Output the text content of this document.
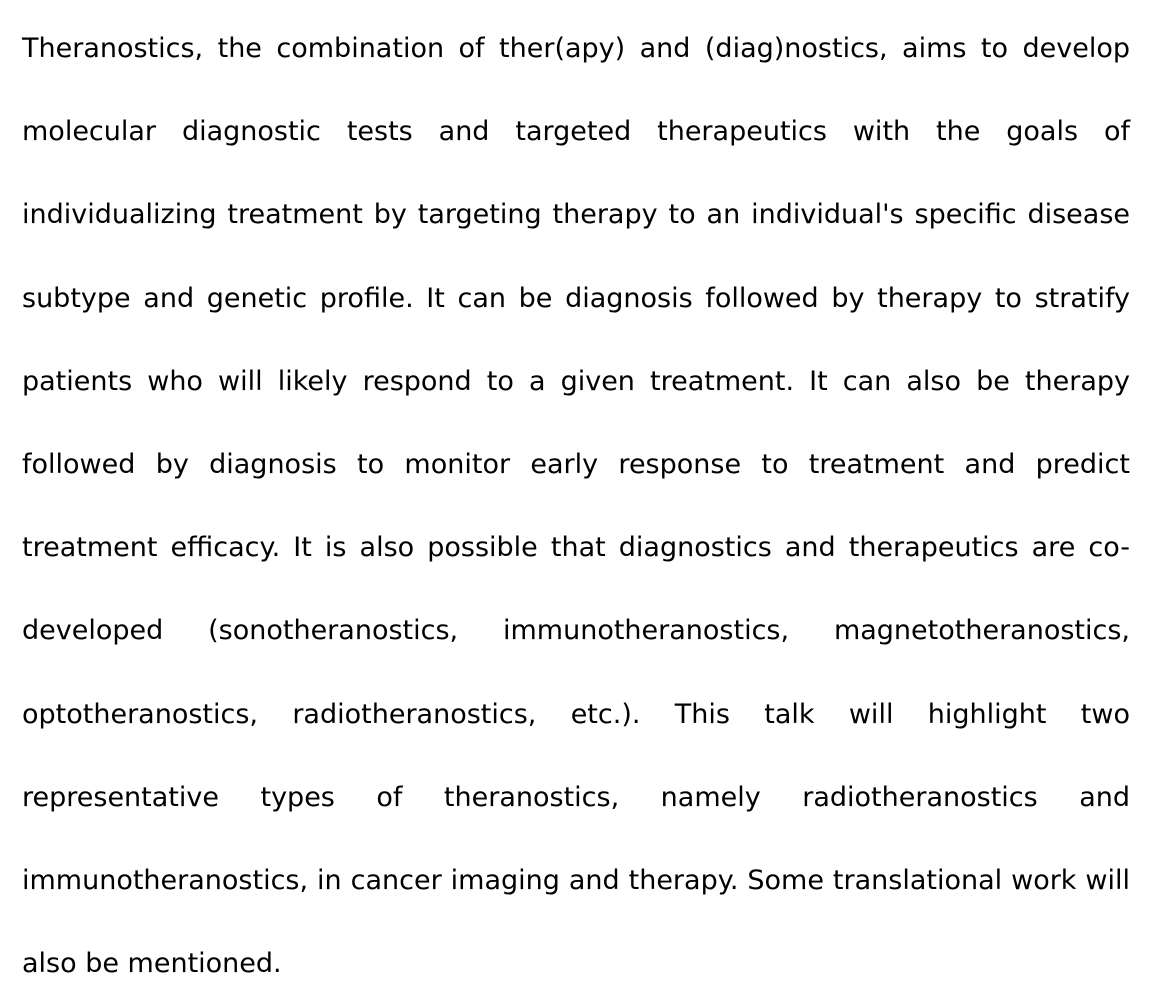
Theranostics, the combination of ther(apy) and (diag)nostics, aims to develop molecular diagnostic tests and targeted therapeutics with the goals of individualizing treatment by targeting therapy to an individual's specific disease subtype and genetic profile. It can be diagnosis followed by therapy to stratify patients who will likely respond to a given treatment. It can also be therapy followed by diagnosis to monitor early response to treatment and predict treatment efficacy. It is also possible that diagnostics and therapeutics are co-developed (sonotheranostics, immunotheranostics, magnetotheranostics, optotheranostics, radiotheranostics, etc.). This talk will highlight two representative types of theranostics, namely radiotheranostics and immunotheranostics, in cancer imaging and therapy. Some translational work will also be mentioned.
